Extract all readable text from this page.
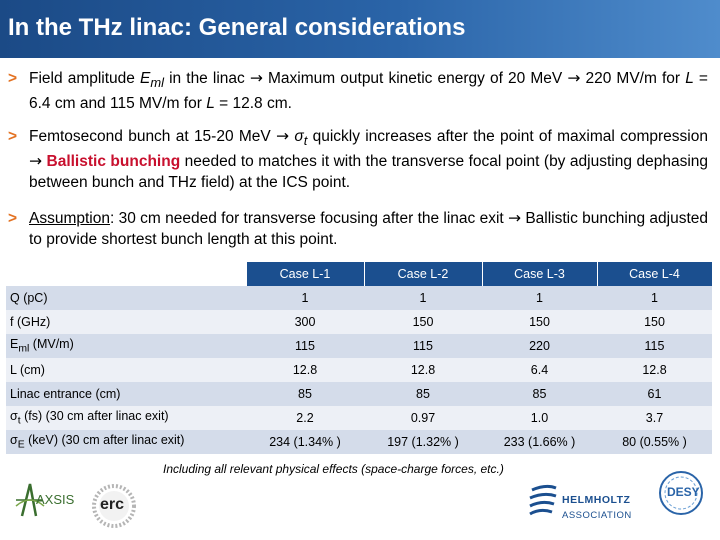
In the THz linac: General considerations
> Field amplitude $E_{ml}$ in the linac → Maximum output kinetic energy of 20 MeV → 220 MV/m for L = 6.4 cm and 115 MV/m for L = 12.8 cm.
> Femtosecond bunch at 15-20 MeV → $\sigma_t$ quickly increases after the point of maximal compression → Ballistic bunching needed to matches it with the transverse focal point (by adjusting dephasing between bunch and THz field) at the ICS point.
> Assumption: 30 cm needed for transverse focusing after the linac exit → Ballistic bunching adjusted to provide shortest bunch length at this point.
	Case L-1	Case L-2	Case L-3	Case L-4
Q (pC)	1	1	1	1
f (GHz)	300	150	150	150
$E_{ml}$ (MV/m)	115	115	220	115
L (cm)	12.8	12.8	6.4	12.8
Linac entrance (cm)	85	85	85	61
$\sigma_t$ (fs) (30 cm after linac exit)	2.2	0.97	1.0	3.7
$\sigma_E$ (keV) (30 cm after linac exit)	234 (1.34% )	197 (1.32% )	233 (1.66% )	80 (0.55% )
Including all relevant physical effects (space-charge forces, etc.)
AXSIS erc	HELMHOLTZ
ASSOCIATION
DESY
